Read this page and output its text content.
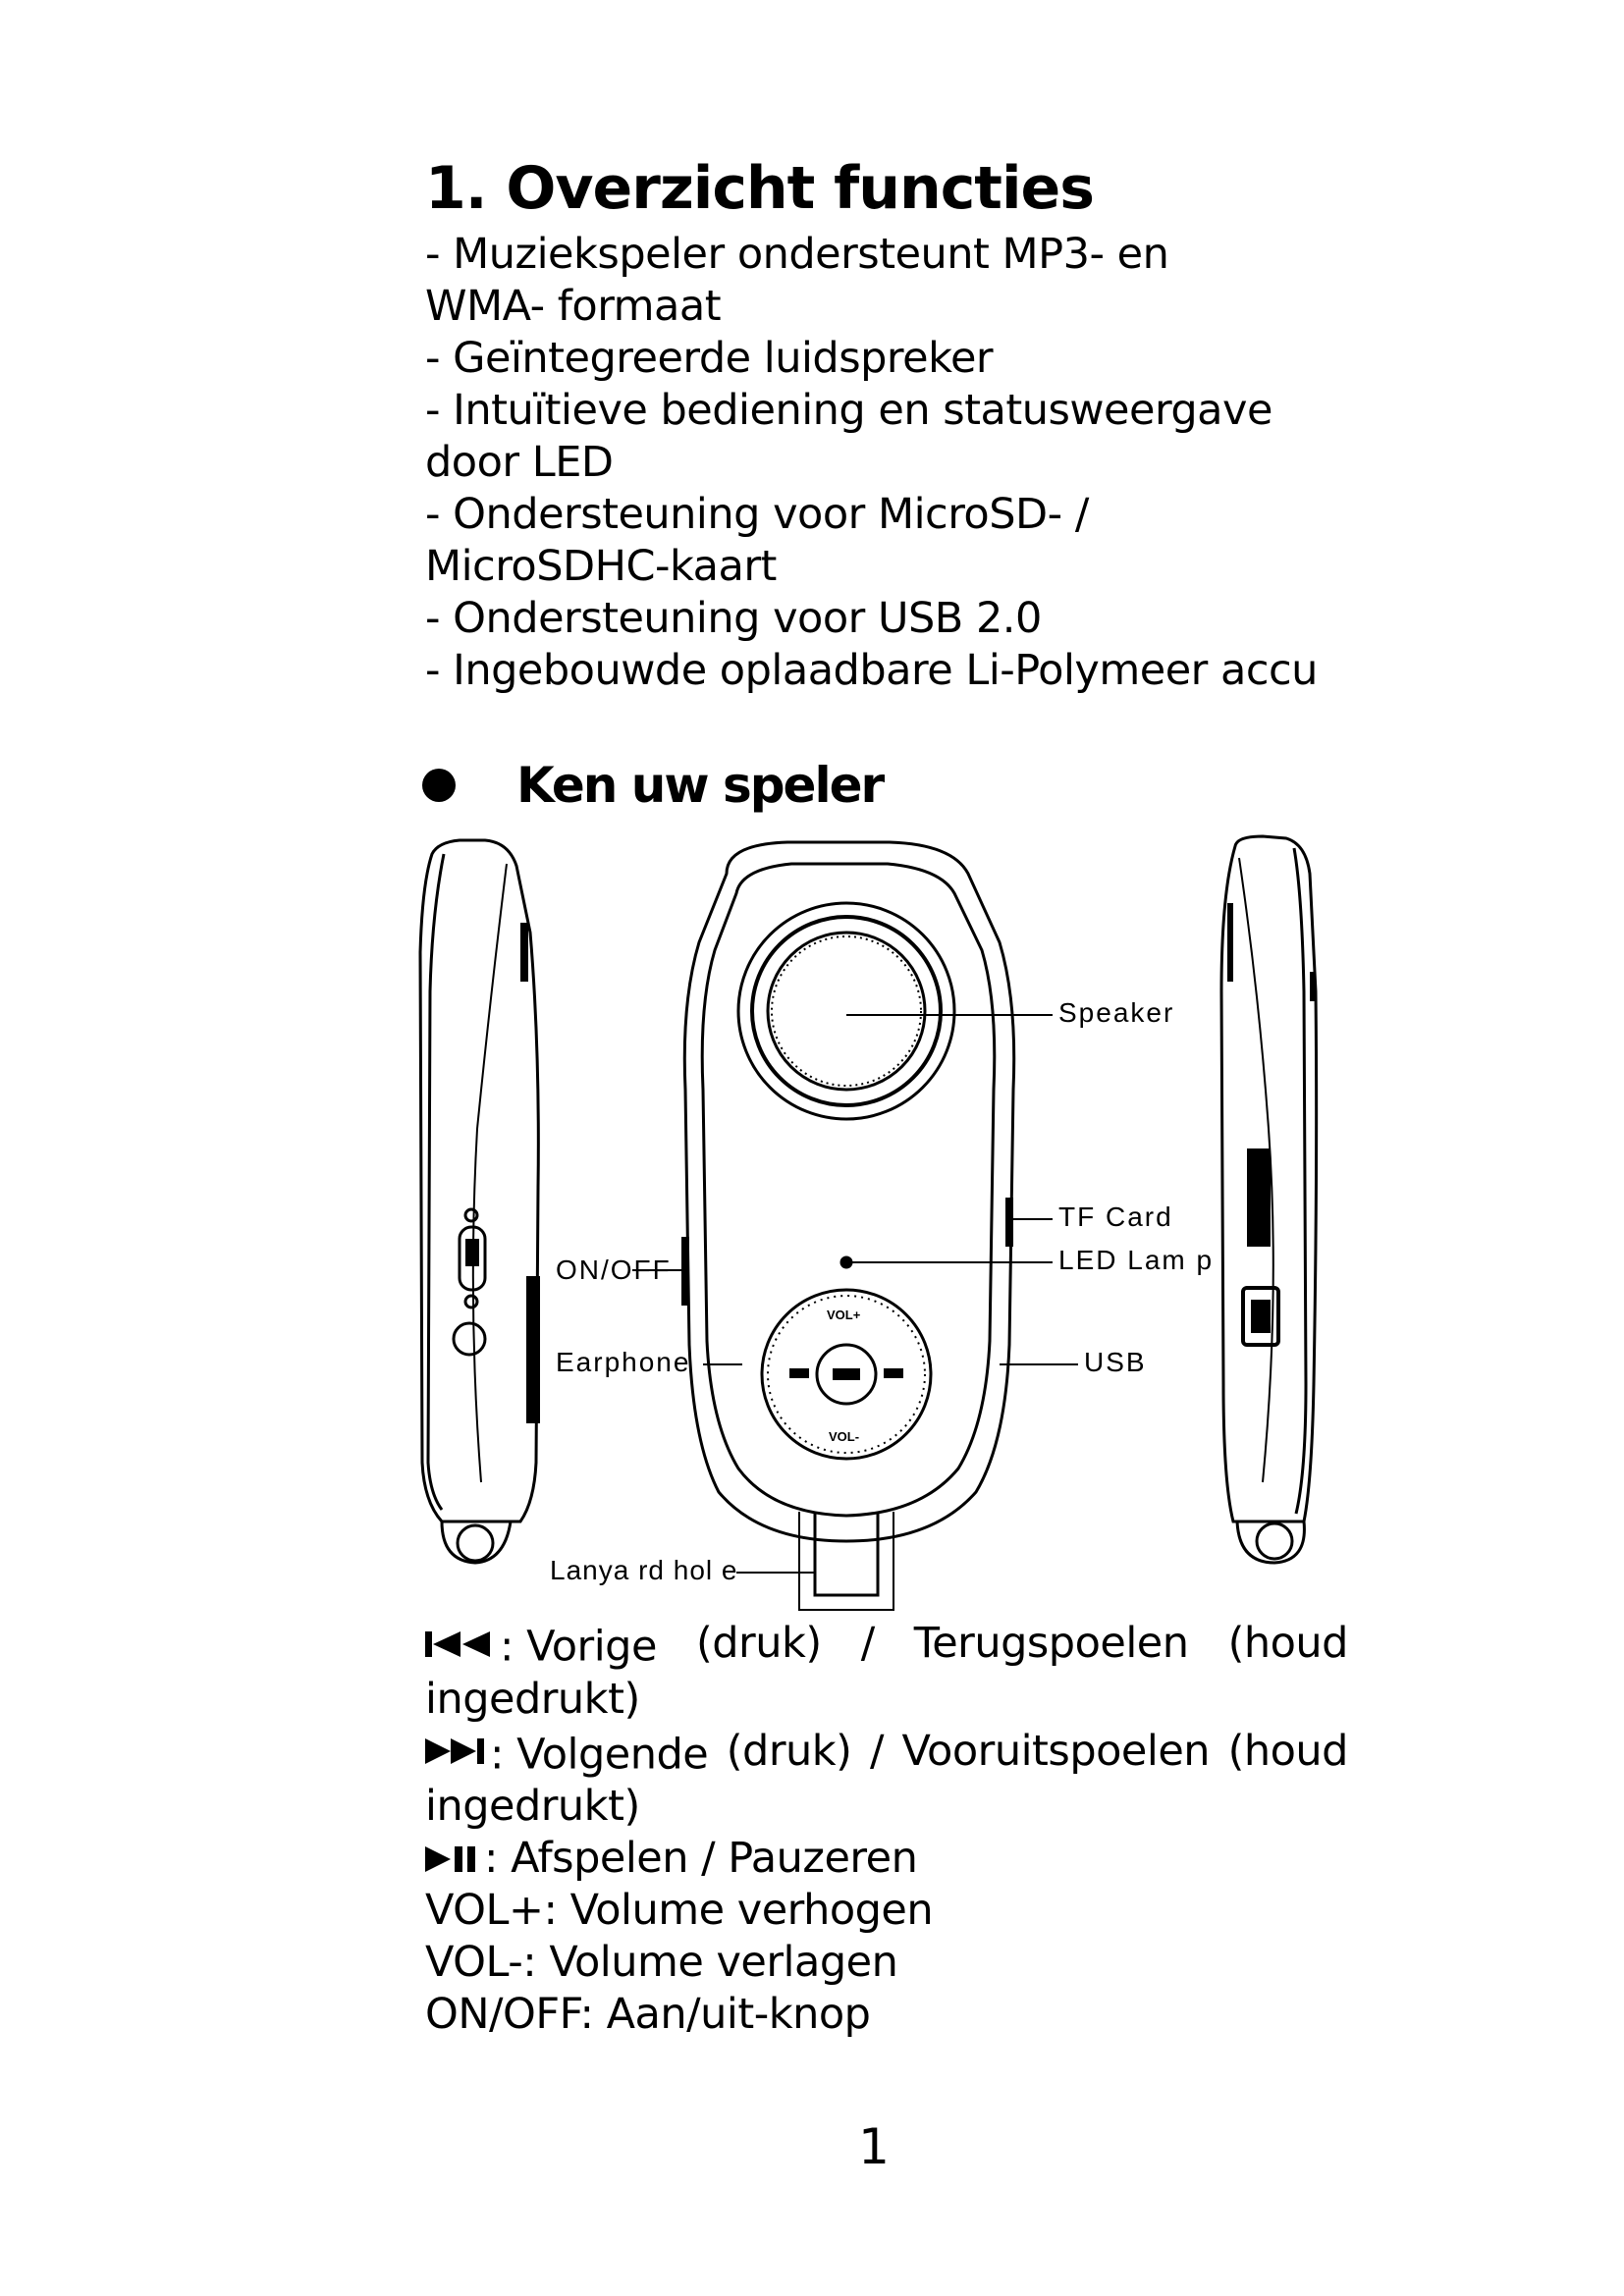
1. Overzicht functies
- Muziekspeler ondersteunt MP3- en
WMA- formaat
- Geïntegreerde luidspreker
- Intuïtieve bediening en statusweergave
door LED
- Ondersteuning voor MicroSD- /
MicroSDHC-kaart
- Ondersteuning voor USB 2.0
- Ingebouwde oplaadbare Li-Polymeer accu
Ken uw speler
Speaker
TF Card
LED Lam p
ON/OFF
Earphone	USB
Lanya rd hol e
VOL+
VOL-
: Vorige (druk) / Terugspoelen (houd
ingedrukt)
: Volgende (druk) / Vooruitspoelen (houd
ingedrukt)
: Afspelen / Pauzeren
VOL+: Volume verhogen
VOL-: Volume verlagen
ON/OFF: Aan/uit-knop
1
